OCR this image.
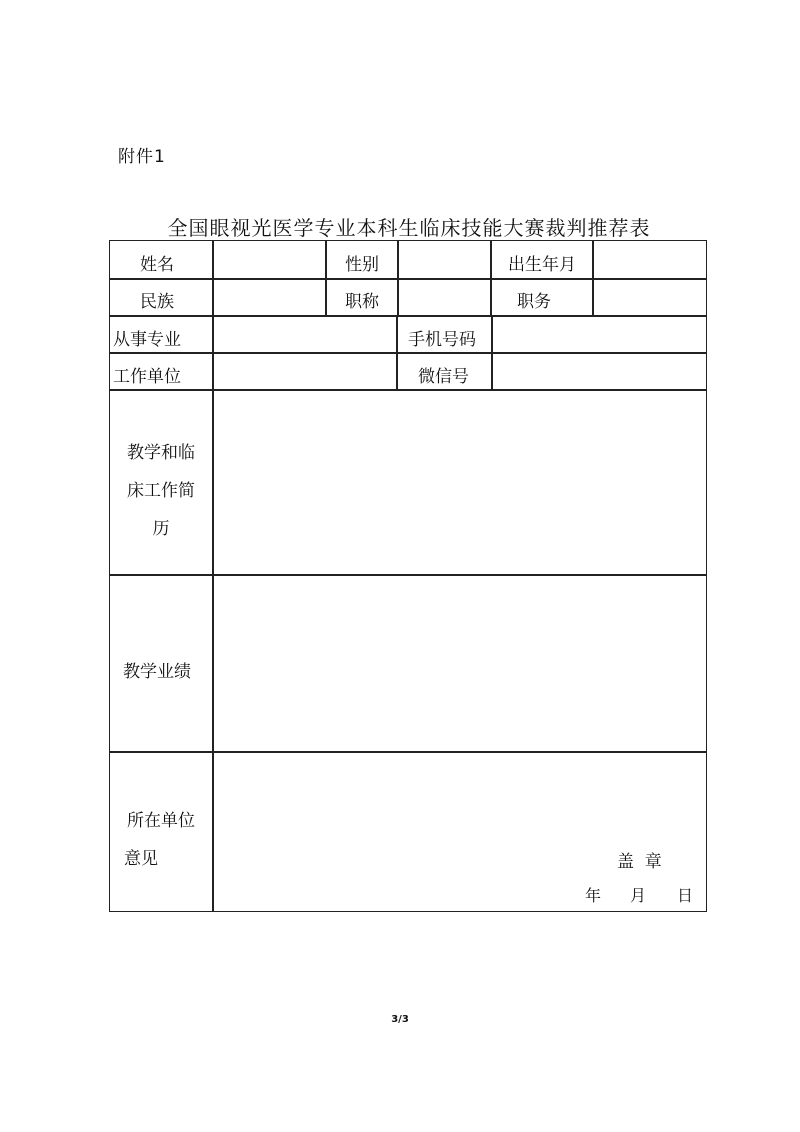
附件1
全国眼视光医学专业本科生临床技能大赛裁判推荐表
姓名	性别	出生年月
民族	职称	职务
从事专业	手机号码
工作单位	微信号
教学和临
床工作简
历
教学业绩
所在单位
意见	盖  章
年 月 日
3/3
